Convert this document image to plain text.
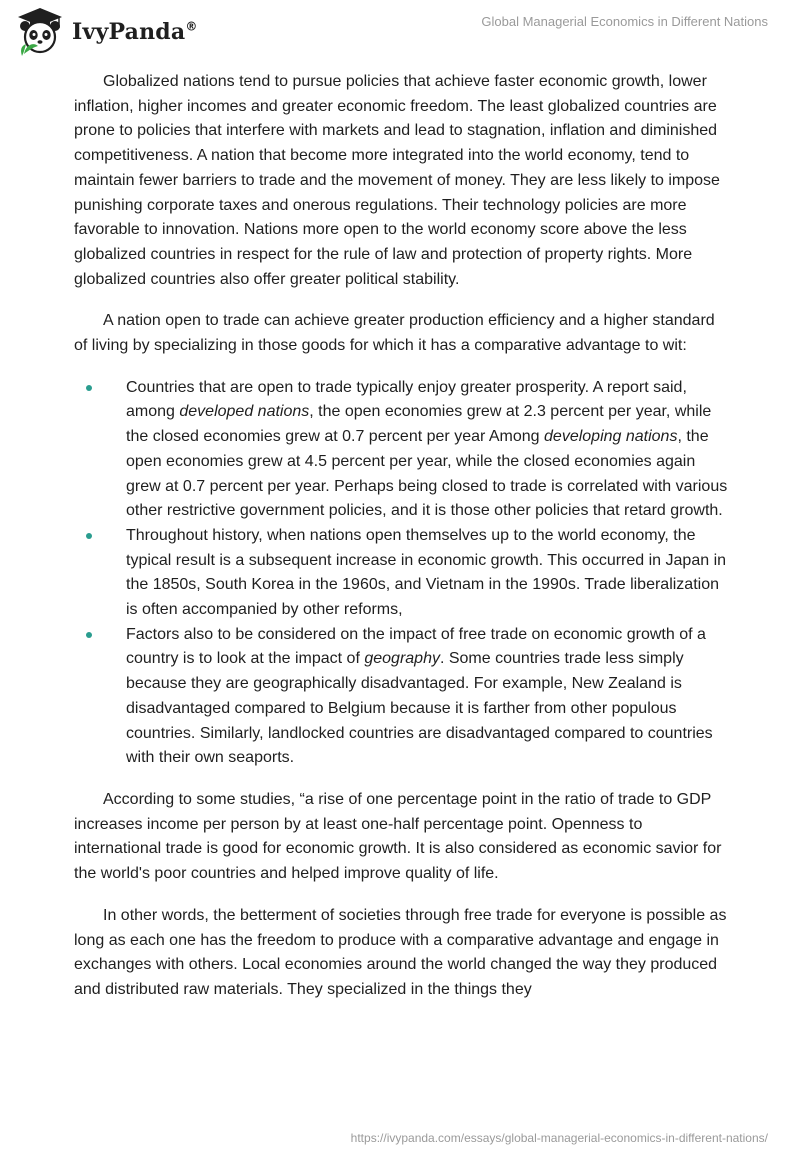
IvyPanda®	Global Managerial Economics in Different Nations

Globalized nations tend to pursue policies that achieve faster economic growth, lower inflation, higher incomes and greater economic freedom. The least globalized countries are prone to policies that interfere with markets and lead to stagnation, inflation and diminished competitiveness. A nation that become more integrated into the world economy, tend to maintain fewer barriers to trade and the movement of money. They are less likely to impose punishing corporate taxes and onerous regulations. Their technology policies are more favorable to innovation. Nations more open to the world economy score above the less globalized countries in respect for the rule of law and protection of property rights. More globalized countries also offer greater political stability.

A nation open to trade can achieve greater production efficiency and a higher standard of living by specializing in those goods for which it has a comparative advantage to wit:

Countries that are open to trade typically enjoy greater prosperity. A report said, among developed nations, the open economies grew at 2.3 percent per year, while the closed economies grew at 0.7 percent per year Among developing nations, the open economies grew at 4.5 percent per year, while the closed economies again grew at 0.7 percent per year. Perhaps being closed to trade is correlated with various other restrictive government policies, and it is those other policies that retard growth.
Throughout history, when nations open themselves up to the world economy, the typical result is a subsequent increase in economic growth. This occurred in Japan in the 1850s, South Korea in the 1960s, and Vietnam in the 1990s. Trade liberalization is often accompanied by other reforms,
Factors also to be considered on the impact of free trade on economic growth of a country is to look at the impact of geography. Some countries trade less simply because they are geographically disadvantaged. For example, New Zealand is disadvantaged compared to Belgium because it is farther from other populous countries. Similarly, landlocked countries are disadvantaged compared to countries with their own seaports.

According to some studies, “a rise of one percentage point in the ratio of trade to GDP increases income per person by at least one-half percentage point. Openness to international trade is good for economic growth. It is also considered as economic savior for the world's poor countries and helped improve quality of life.

In other words, the betterment of societies through free trade for everyone is possible as long as each one has the freedom to produce with a comparative advantage and engage in exchanges with others. Local economies around the world changed the way they produced and distributed raw materials. They specialized in the things they

https://ivypanda.com/essays/global-managerial-economics-in-different-nations/
